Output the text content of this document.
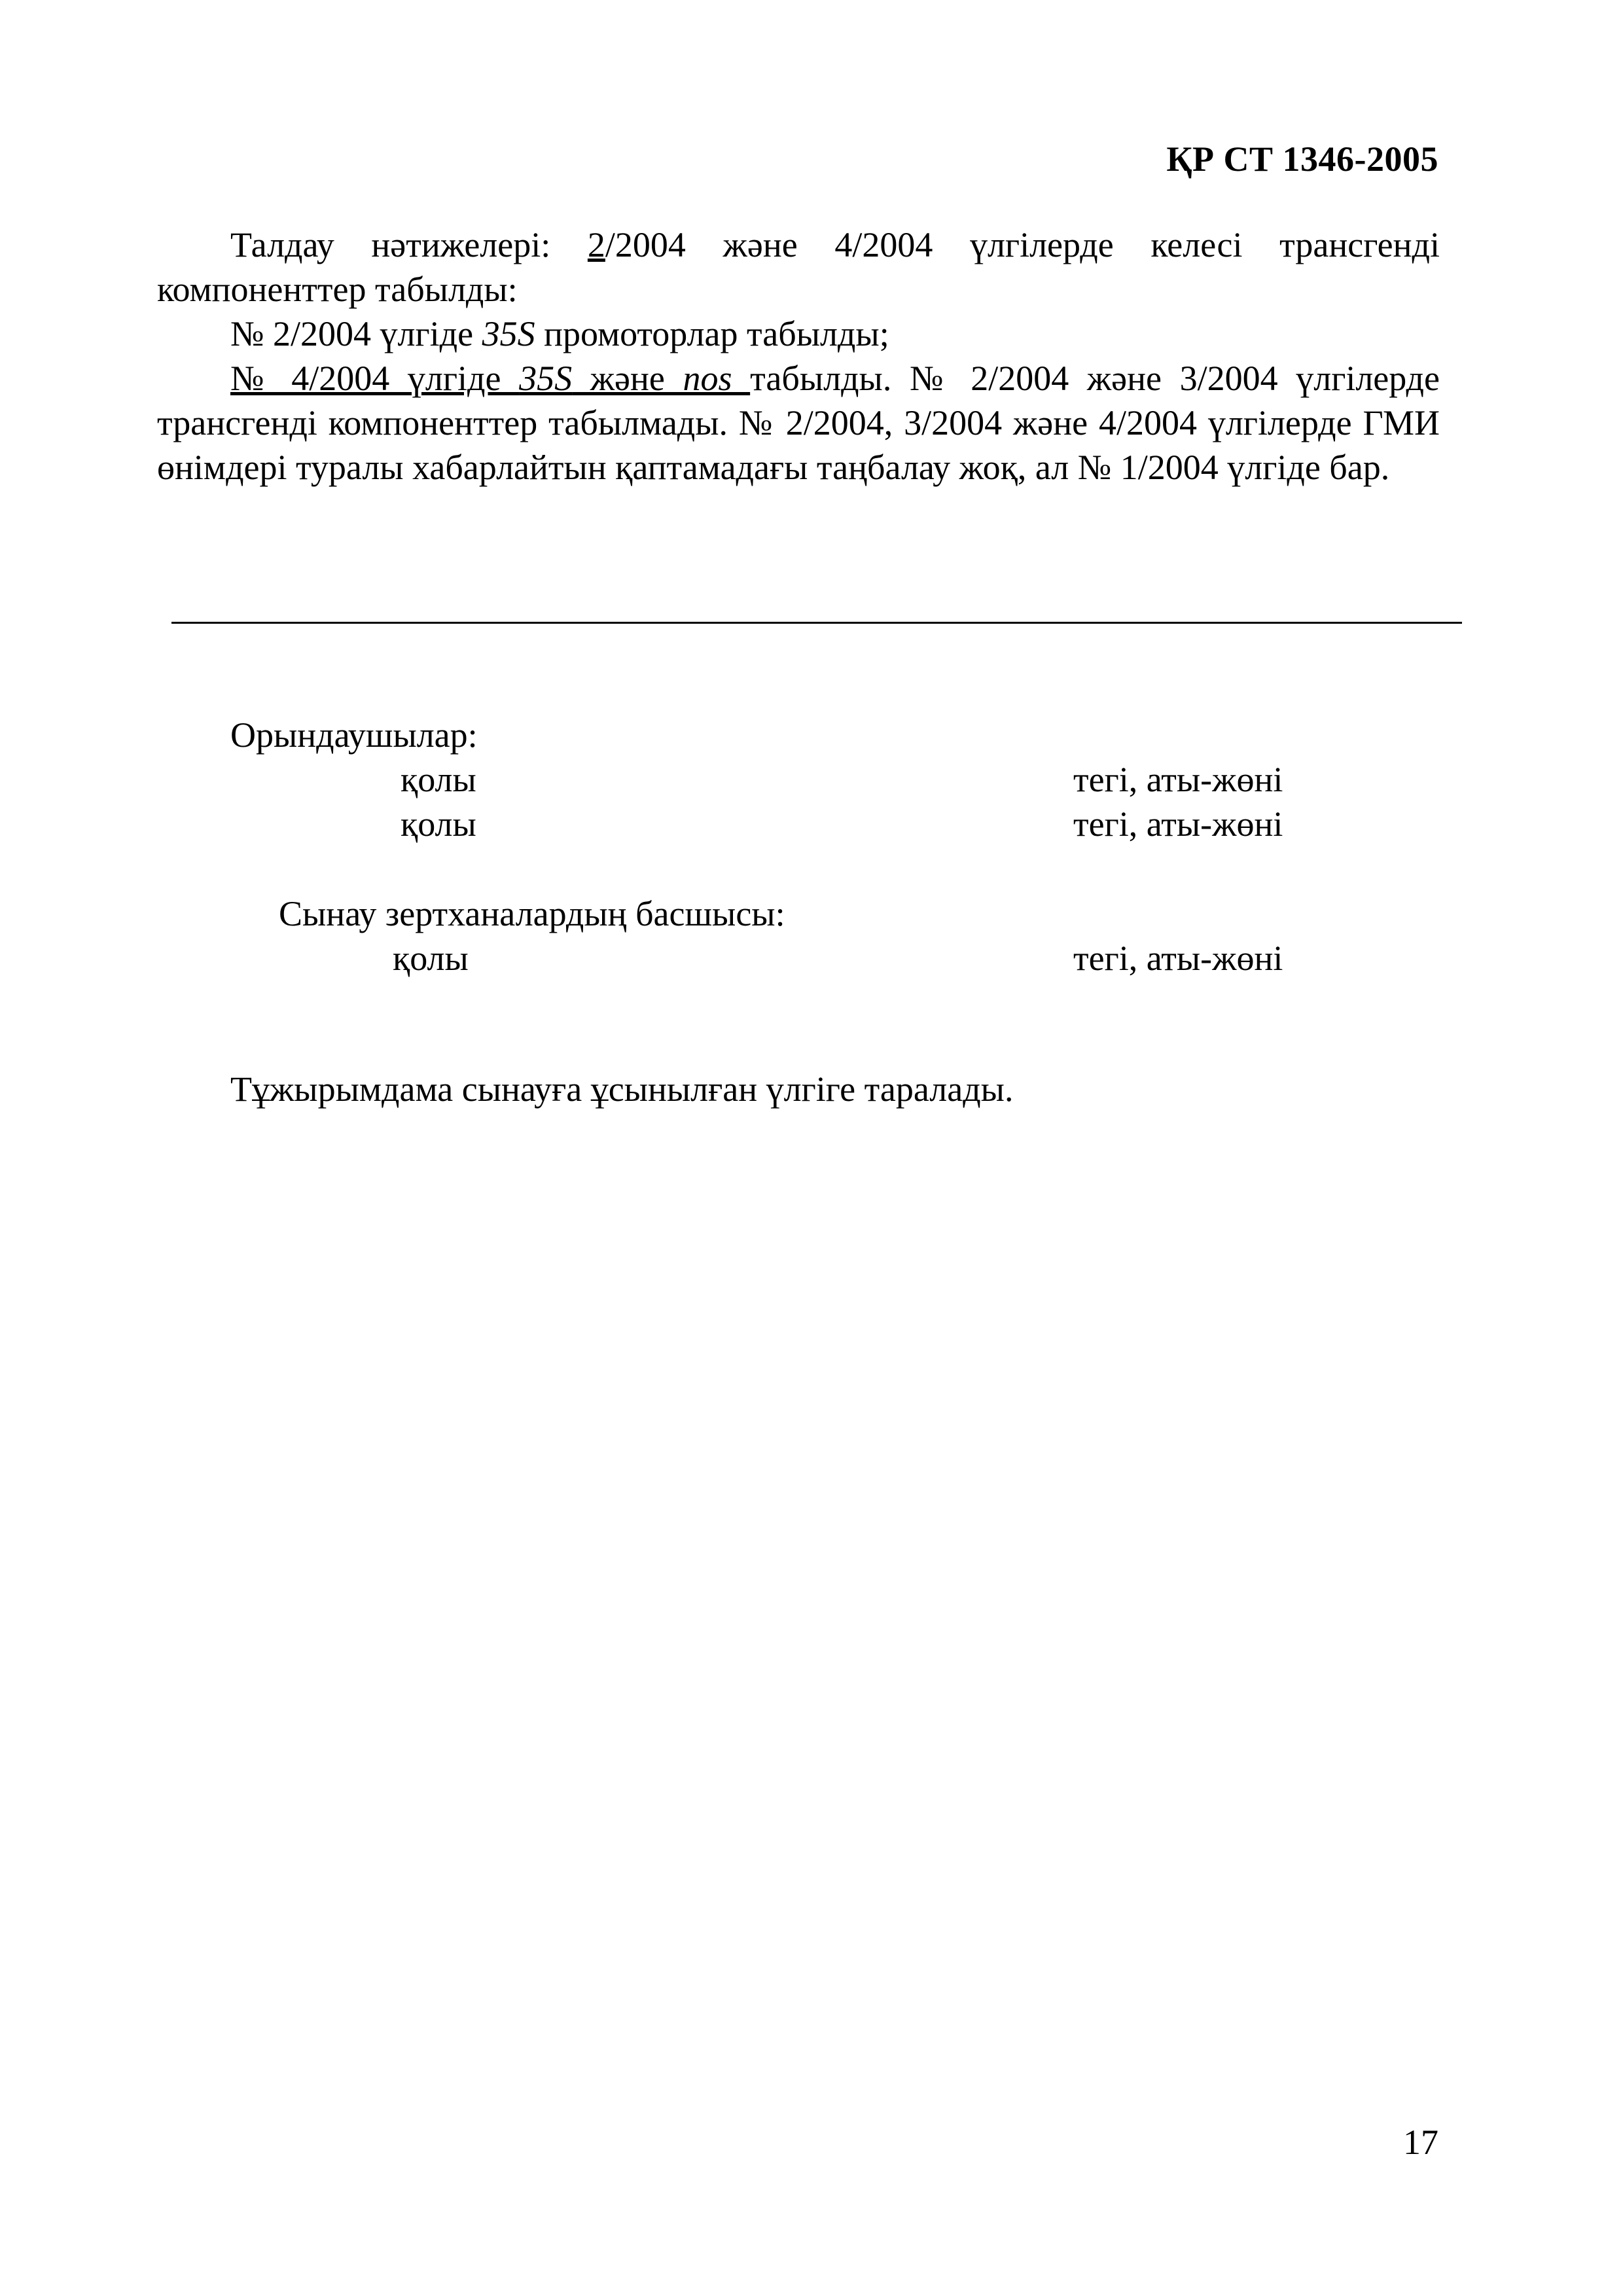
ҚР СТ 1346-2005

Талдау нәтижелері: 2/2004 және 4/2004 үлгілерде келесі трансгенді компоненттер табылды:

№ 2/2004 үлгіде 35S промоторлар табылды;

№ 4/2004 үлгіде 35S және nos табылды. № 2/2004 және 3/2004 үлгілерде трансгенді компоненттер табылмады. № 2/2004, 3/2004 және 4/2004 үлгілерде ГМИ өнімдері туралы хабарлайтын қаптамадағы таңбалау жоқ, ал № 1/2004 үлгіде бар.

Орындаушылар:
қолы	тегі, аты-жөні
қолы	тегі, аты-жөні
Сынау зертханалардың басшысы:
қолы	тегі, аты-жөні
Тұжырымдама сынауға ұсынылған үлгіге таралады.
17
